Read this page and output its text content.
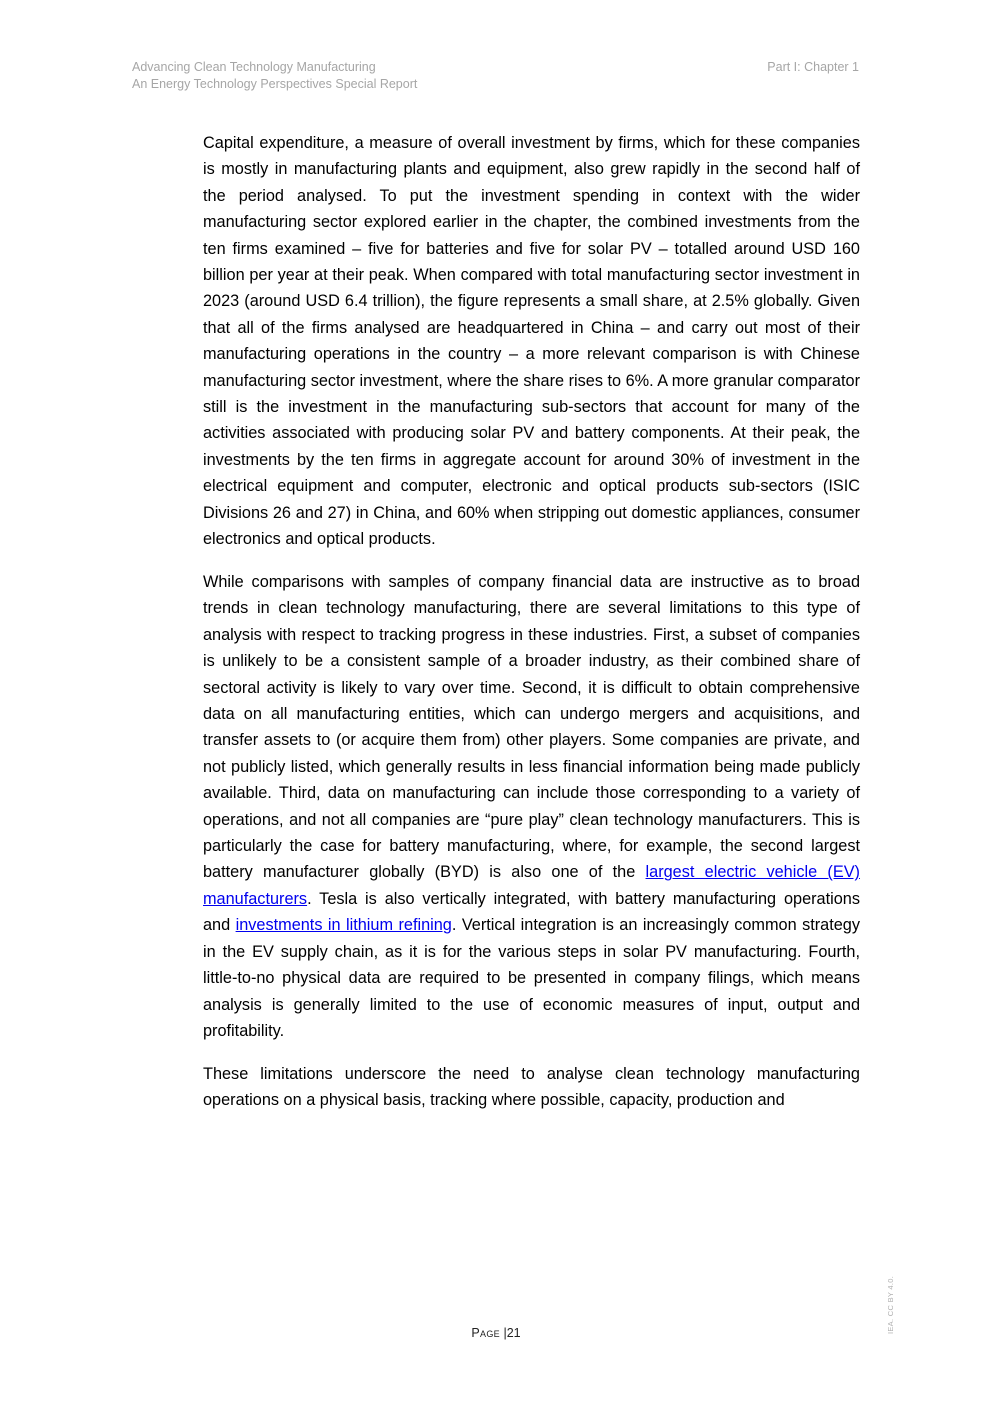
Advancing Clean Technology Manufacturing
An Energy Technology Perspectives Special Report
Part I: Chapter 1

Capital expenditure, a measure of overall investment by firms, which for these companies is mostly in manufacturing plants and equipment, also grew rapidly in the second half of the period analysed. To put the investment spending in context with the wider manufacturing sector explored earlier in the chapter, the combined investments from the ten firms examined – five for batteries and five for solar PV – totalled around USD 160 billion per year at their peak. When compared with total manufacturing sector investment in 2023 (around USD 6.4 trillion), the figure represents a small share, at 2.5% globally. Given that all of the firms analysed are headquartered in China – and carry out most of their manufacturing operations in the country – a more relevant comparison is with Chinese manufacturing sector investment, where the share rises to 6%. A more granular comparator still is the investment in the manufacturing sub-sectors that account for many of the activities associated with producing solar PV and battery components. At their peak, the investments by the ten firms in aggregate account for around 30% of investment in the electrical equipment and computer, electronic and optical products sub-sectors (ISIC Divisions 26 and 27) in China, and 60% when stripping out domestic appliances, consumer electronics and optical products.

While comparisons with samples of company financial data are instructive as to broad trends in clean technology manufacturing, there are several limitations to this type of analysis with respect to tracking progress in these industries. First, a subset of companies is unlikely to be a consistent sample of a broader industry, as their combined share of sectoral activity is likely to vary over time. Second, it is difficult to obtain comprehensive data on all manufacturing entities, which can undergo mergers and acquisitions, and transfer assets to (or acquire them from) other players. Some companies are private, and not publicly listed, which generally results in less financial information being made publicly available. Third, data on manufacturing can include those corresponding to a variety of operations, and not all companies are “pure play” clean technology manufacturers. This is particularly the case for battery manufacturing, where, for example, the second largest battery manufacturer globally (BYD) is also one of the largest electric vehicle (EV) manufacturers. Tesla is also vertically integrated, with battery manufacturing operations and investments in lithium refining. Vertical integration is an increasingly common strategy in the EV supply chain, as it is for the various steps in solar PV manufacturing. Fourth, little-to-no physical data are required to be presented in company filings, which means analysis is generally limited to the use of economic measures of input, output and profitability.

These limitations underscore the need to analyse clean technology manufacturing operations on a physical basis, tracking where possible, capacity, production and

Page |21	IEA. CC BY 4.0.
